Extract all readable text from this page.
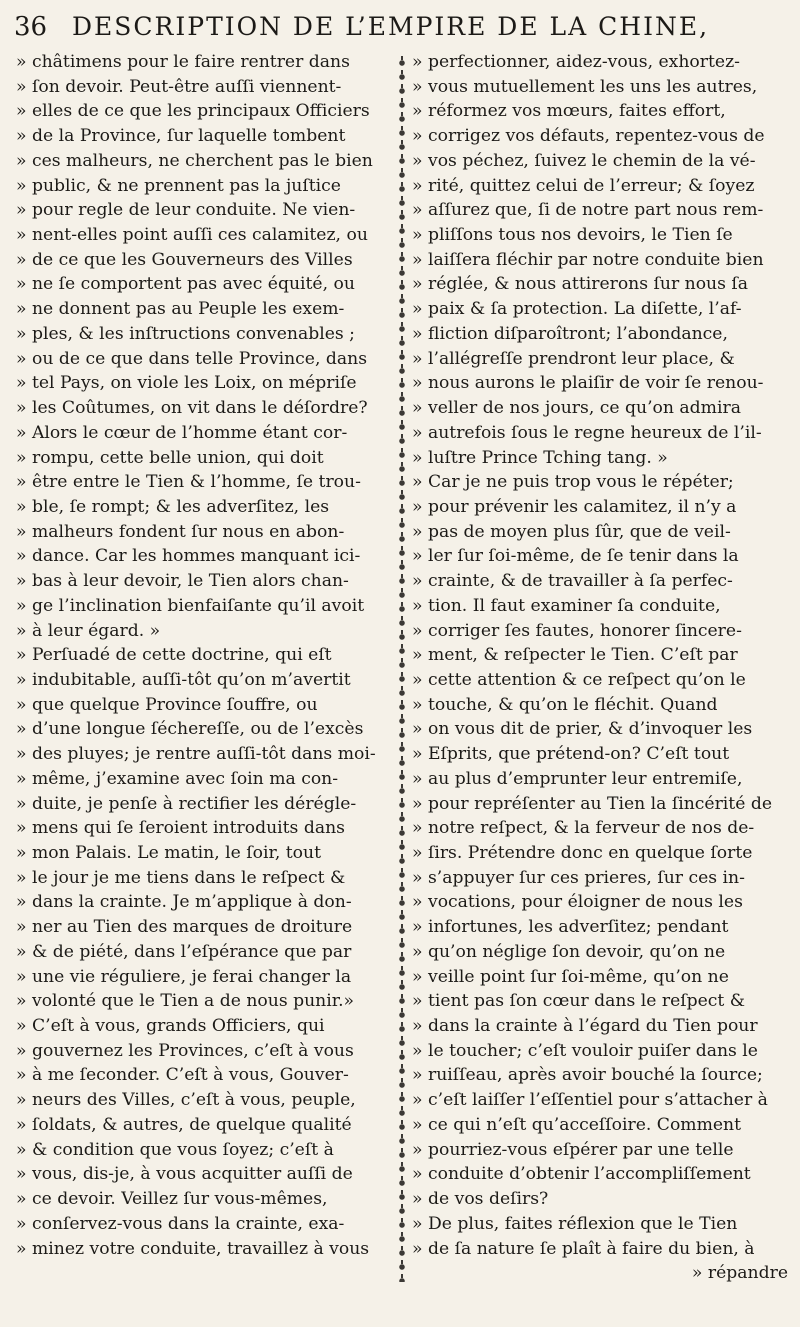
36 DESCRIPTION DE L’EMPIRE DE LA CHINE,
» châtimens pour le faire rentrer dans
» ſon devoir. Peut-être auſſi viennent-
» elles de ce que les principaux Officiers
» de la Province, ſur laquelle tombent
» ces malheurs, ne cherchent pas le bien
» public, & ne prennent pas la juſtice
» pour regle de leur conduite. Ne vien-
» nent-elles point auſſi ces calamitez, ou
» de ce que les Gouverneurs des Villes
» ne ſe comportent pas avec équité, ou
» ne donnent pas au Peuple les exem-
» ples, & les inſtructions convenables ;
» ou de ce que dans telle Province, dans
» tel Pays, on viole les Loix, on mépriſe
» les Coûtumes, on vit dans le déſordre?
» Alors le cœur de l’homme étant cor-
» rompu, cette belle union, qui doit
» être entre le Tien & l’homme, ſe trou-
» ble, ſe rompt; & les adverſitez, les
» malheurs fondent ſur nous en abon-
» dance. Car les hommes manquant ici-
» bas à leur devoir, le Tien alors chan-
» ge l’inclination bienfaiſante qu’il avoit
» à leur égard. »
» Perſuadé de cette doctrine, qui eſt
» indubitable, auſſi-tôt qu’on m’avertit
» que quelque Province ſouffre, ou
» d’une longue ſéchereſſe, ou de l’excès
» des pluyes; je rentre auſſi-tôt dans moi-
» même, j’examine avec ſoin ma con-
» duite, je penſe à rectifier les dérégle-
» mens qui ſe ſeroient introduits dans
» mon Palais. Le matin, le ſoir, tout
» le jour je me tiens dans le reſpect &
» dans la crainte. Je m’applique à don-
» ner au Tien des marques de droiture
» & de piété, dans l’eſpérance que par
» une vie réguliere, je ferai changer la
» volonté que le Tien a de nous punir.»
» C’eſt à vous, grands Officiers, qui
» gouvernez les Provinces, c’eſt à vous
» à me ſeconder. C’eſt à vous, Gouver-
» neurs des Villes, c’eſt à vous, peuple,
» ſoldats, & autres, de quelque qualité
» & condition que vous ſoyez; c’eſt à
» vous, dis-je, à vous acquitter auſſi de
» ce devoir. Veillez ſur vous-mêmes,
» conſervez-vous dans la crainte, exa-
» minez votre conduite, travaillez à vous
» perfectionner, aidez-vous, exhortez-
» vous mutuellement les uns les autres,
» réformez vos mœurs, faites effort,
» corrigez vos défauts, repentez-vous de
» vos péchez, ſuivez le chemin de la vé-
» rité, quittez celui de l’erreur; & ſoyez
» aſſurez que, ſi de notre part nous rem-
» pliſſons tous nos devoirs, le Tien ſe
» laiſſera fléchir par notre conduite bien
» réglée, & nous attirerons ſur nous ſa
» paix & ſa protection. La diſette, l’af-
» fliction diſparoîtront; l’abondance,
» l’allégreſſe prendront leur place, &
» nous aurons le plaiſir de voir ſe renou-
» veller de nos jours, ce qu’on admira
» autrefois ſous le regne heureux de l’il-
» luſtre Prince Tching tang. »
» Car je ne puis trop vous le répéter;
» pour prévenir les calamitez, il n’y a
» pas de moyen plus ſûr, que de veil-
» ler ſur ſoi-même, de ſe tenir dans la
» crainte, & de travailler à ſa perfec-
» tion. Il faut examiner ſa conduite,
» corriger ſes fautes, honorer ſincere-
» ment, & reſpecter le Tien. C’eſt par
» cette attention & ce reſpect qu’on le
» touche, & qu’on le fléchit. Quand
» on vous dit de prier, & d’invoquer les
» Eſprits, que prétend-on? C’eſt tout
» au plus d’emprunter leur entremiſe,
» pour repréſenter au Tien la ſincérité de
» notre reſpect, & la ferveur de nos de-
» ſirs. Prétendre donc en quelque ſorte
» s’appuyer ſur ces prieres, ſur ces in-
» vocations, pour éloigner de nous les
» infortunes, les adverſitez; pendant
» qu’on néglige ſon devoir, qu’on ne
» veille point ſur ſoi-même, qu’on ne
» tient pas ſon cœur dans le reſpect &
» dans la crainte à l’égard du Tien pour
» le toucher; c’eſt vouloir puiſer dans le
» ruiſſeau, après avoir bouché la ſource;
» c’eſt laiſſer l’eſſentiel pour s’attacher à
» ce qui n’eſt qu’acceſſoire. Comment
» pourriez-vous eſpérer par une telle
» conduite d’obtenir l’accompliſſement
» de vos deſirs?
» De plus, faites réflexion que le Tien
» de ſa nature ſe plaît à faire du bien, à
» répandre
